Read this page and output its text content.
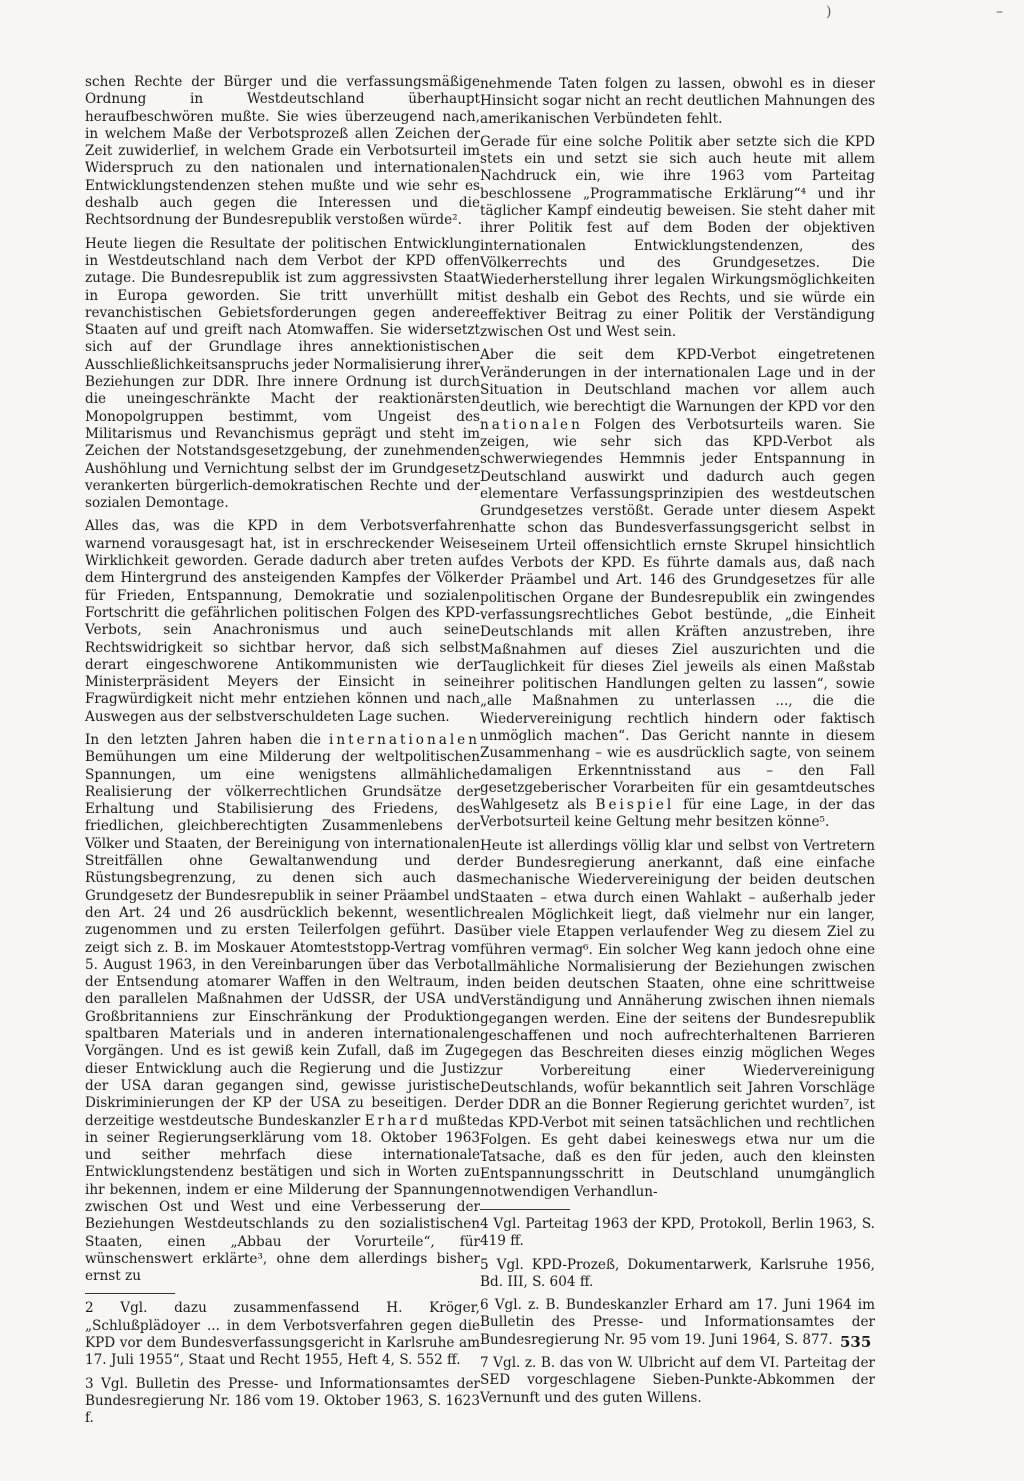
)	–

schen Rechte der Bürger und die verfassungsmäßige Ordnung in Westdeutschland überhaupt heraufbeschwören mußte. Sie wies überzeugend nach, in welchem Maße der Verbotsprozeß allen Zeichen der Zeit zuwiderlief, in welchem Grade ein Verbotsurteil im Widerspruch zu den nationalen und internationalen Entwicklungstendenzen stehen mußte und wie sehr es deshalb auch gegen die Interessen und die Rechtsordnung der Bundesrepublik verstoßen würde².

Heute liegen die Resultate der politischen Entwicklung in Westdeutschland nach dem Verbot der KPD offen zutage. Die Bundesrepublik ist zum aggressivsten Staat in Europa geworden. Sie tritt unverhüllt mit revanchistischen Gebietsforderungen gegen andere Staaten auf und greift nach Atomwaffen. Sie widersetzt sich auf der Grundlage ihres annektionistischen Ausschließlichkeitsanspruchs jeder Normalisierung ihrer Beziehungen zur DDR. Ihre innere Ordnung ist durch die uneingeschränkte Macht der reaktionärsten Monopolgruppen bestimmt, vom Ungeist des Militarismus und Revanchismus geprägt und steht im Zeichen der Notstandsgesetzgebung, der zunehmenden Aushöhlung und Vernichtung selbst der im Grundgesetz verankerten bürgerlich-demokratischen Rechte und der sozialen Demontage.

Alles das, was die KPD in dem Verbotsverfahren warnend vorausgesagt hat, ist in erschreckender Weise Wirklichkeit geworden. Gerade dadurch aber treten auf dem Hintergrund des ansteigenden Kampfes der Völker für Frieden, Entspannung, Demokratie und sozialen Fortschritt die gefährlichen politischen Folgen des KPD-Verbots, sein Anachronismus und auch seine Rechtswidrigkeit so sichtbar hervor, daß sich selbst derart eingeschworene Antikommunisten wie der Ministerpräsident Meyers der Einsicht in seine Fragwürdigkeit nicht mehr entziehen können und nach Auswegen aus der selbstverschuldeten Lage suchen.

In den letzten Jahren haben die internationalen Bemühungen um eine Milderung der weltpolitischen Spannungen, um eine wenigstens allmähliche Realisierung der völkerrechtlichen Grundsätze der Erhaltung und Stabilisierung des Friedens, des friedlichen, gleichberechtigten Zusammenlebens der Völker und Staaten, der Bereinigung von internationalen Streitfällen ohne Gewaltanwendung und der Rüstungsbegrenzung, zu denen sich auch das Grundgesetz der Bundesrepublik in seiner Präambel und den Art. 24 und 26 ausdrücklich bekennt, wesentlich zugenommen und zu ersten Teilerfolgen geführt. Das zeigt sich z. B. im Moskauer Atomteststopp-Vertrag vom 5. August 1963, in den Vereinbarungen über das Verbot der Entsendung atomarer Waffen in den Weltraum, in den parallelen Maßnahmen der UdSSR, der USA und Großbritanniens zur Einschränkung der Produktion spaltbaren Materials und in anderen internationalen Vorgängen. Und es ist gewiß kein Zufall, daß im Zuge dieser Entwicklung auch die Regierung und die Justiz der USA daran gegangen sind, gewisse juristische Diskriminierungen der KP der USA zu beseitigen. Der derzeitige westdeutsche Bundeskanzler Erhard mußte in seiner Regierungserklärung vom 18. Oktober 1963 und seither mehrfach diese internationale Entwicklungstendenz bestätigen und sich in Worten zu ihr bekennen, indem er eine Milderung der Spannungen zwischen Ost und West und eine Verbesserung der Beziehungen Westdeutschlands zu den sozialistischen Staaten, einen „Abbau der Vorurteile“, für wünschenswert erklärte³, ohne dem allerdings bisher ernst zu

2 Vgl. dazu zusammenfassend H. Kröger, „Schlußplädoyer ... in dem Verbotsverfahren gegen die KPD vor dem Bundesverfassungsgericht in Karlsruhe am 17. Juli 1955“, Staat und Recht 1955, Heft 4, S. 552 ff.

3 Vgl. Bulletin des Presse- und Informationsamtes der Bundesregierung Nr. 186 vom 19. Oktober 1963, S. 1623 f.

nehmende Taten folgen zu lassen, obwohl es in dieser Hinsicht sogar nicht an recht deutlichen Mahnungen des amerikanischen Verbündeten fehlt.

Gerade für eine solche Politik aber setzte sich die KPD stets ein und setzt sie sich auch heute mit allem Nachdruck ein, wie ihre 1963 vom Parteitag beschlossene „Programmatische Erklärung“⁴ und ihr täglicher Kampf eindeutig beweisen. Sie steht daher mit ihrer Politik fest auf dem Boden der objektiven internationalen Entwicklungstendenzen, des Völkerrechts und des Grundgesetzes. Die Wiederherstellung ihrer legalen Wirkungsmöglichkeiten ist deshalb ein Gebot des Rechts, und sie würde ein effektiver Beitrag zu einer Politik der Verständigung zwischen Ost und West sein.

Aber die seit dem KPD-Verbot eingetretenen Veränderungen in der internationalen Lage und in der Situation in Deutschland machen vor allem auch deutlich, wie berechtigt die Warnungen der KPD vor den nationalen Folgen des Verbotsurteils waren. Sie zeigen, wie sehr sich das KPD-Verbot als schwerwiegendes Hemmnis jeder Entspannung in Deutschland auswirkt und dadurch auch gegen elementare Verfassungsprinzipien des westdeutschen Grundgesetzes verstößt. Gerade unter diesem Aspekt hatte schon das Bundesverfassungsgericht selbst in seinem Urteil offensichtlich ernste Skrupel hinsichtlich des Verbots der KPD. Es führte damals aus, daß nach der Präambel und Art. 146 des Grundgesetzes für alle politischen Organe der Bundesrepublik ein zwingendes verfassungsrechtliches Gebot bestünde, „die Einheit Deutschlands mit allen Kräften anzustreben, ihre Maßnahmen auf dieses Ziel auszurichten und die Tauglichkeit für dieses Ziel jeweils als einen Maßstab ihrer politischen Handlungen gelten zu lassen“, sowie „alle Maßnahmen zu unterlassen ..., die die Wiedervereinigung rechtlich hindern oder faktisch unmöglich machen“. Das Gericht nannte in diesem Zusammenhang – wie es ausdrücklich sagte, von seinem damaligen Erkenntnisstand aus – den Fall gesetzgeberischer Vorarbeiten für ein gesamtdeutsches Wahlgesetz als Beispiel für eine Lage, in der das Verbotsurteil keine Geltung mehr besitzen könne⁵.

Heute ist allerdings völlig klar und selbst von Vertretern der Bundesregierung anerkannt, daß eine einfache mechanische Wiedervereinigung der beiden deutschen Staaten – etwa durch einen Wahlakt – außerhalb jeder realen Möglichkeit liegt, daß vielmehr nur ein langer, über viele Etappen verlaufender Weg zu diesem Ziel zu führen vermag⁶. Ein solcher Weg kann jedoch ohne eine allmähliche Normalisierung der Beziehungen zwischen den beiden deutschen Staaten, ohne eine schrittweise Verständigung und Annäherung zwischen ihnen niemals gegangen werden. Eine der seitens der Bundesrepublik geschaffenen und noch aufrechterhaltenen Barrieren gegen das Beschreiten dieses einzig möglichen Weges zur Vorbereitung einer Wiedervereinigung Deutschlands, wofür bekanntlich seit Jahren Vorschläge der DDR an die Bonner Regierung gerichtet wurden⁷, ist das KPD-Verbot mit seinen tatsächlichen und rechtlichen Folgen. Es geht dabei keineswegs etwa nur um die Tatsache, daß es den für jeden, auch den kleinsten Entspannungsschritt in Deutschland unumgänglich notwendigen Verhandlun-

4 Vgl. Parteitag 1963 der KPD, Protokoll, Berlin 1963, S. 419 ff.

5 Vgl. KPD-Prozeß, Dokumentarwerk, Karlsruhe 1956, Bd. III, S. 604 ff.

6 Vgl. z. B. Bundeskanzler Erhard am 17. Juni 1964 im Bulletin des Presse- und Informationsamtes der Bundesregierung Nr. 95 vom 19. Juni 1964, S. 877.

7 Vgl. z. B. das von W. Ulbricht auf dem VI. Parteitag der SED vorgeschlagene Sieben-Punkte-Abkommen der Vernunft und des guten Willens.

535
